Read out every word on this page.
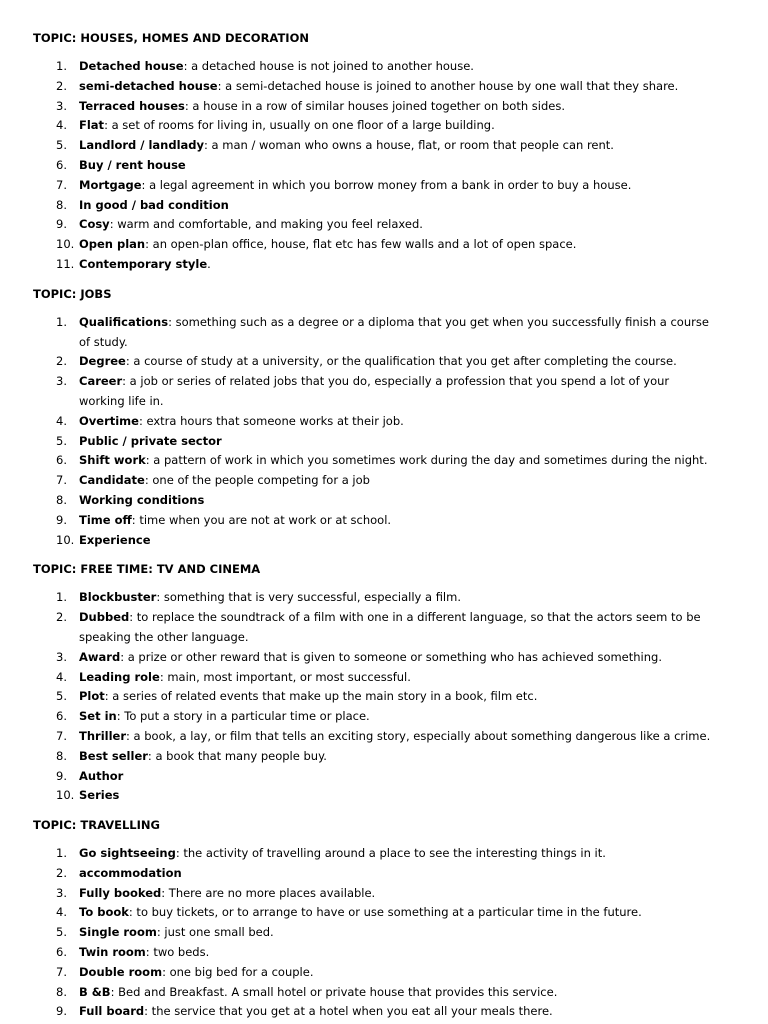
TOPIC: HOUSES, HOMES AND DECORATION

1. Detached house: a detached house is not joined to another house.
2. semi-detached house: a semi-detached house is joined to another house by one wall that they share.
3. Terraced houses: a house in a row of similar houses joined together on both sides.
4. Flat: a set of rooms for living in, usually on one floor of a large building.
5. Landlord / landlady: a man / woman who owns a house, flat, or room that people can rent.
6. Buy / rent house
7. Mortgage: a legal agreement in which you borrow money from a bank in order to buy a house.
8. In good / bad condition
9. Cosy: warm and comfortable, and making you feel relaxed.
10. Open plan: an open-plan office, house, flat etc has few walls and a lot of open space.
11. Contemporary style.

TOPIC: JOBS

1. Qualifications: something such as a degree or a diploma that you get when you successfully finish a course of study.
2. Degree: a course of study at a university, or the qualification that you get after completing the course.
3. Career: a job or series of related jobs that you do, especially a profession that you spend a lot of your working life in.
4. Overtime: extra hours that someone works at their job.
5. Public / private sector
6. Shift work: a pattern of work in which you sometimes work during the day and sometimes during the night.
7. Candidate: one of the people competing for a job
8. Working conditions
9. Time off: time when you are not at work or at school.
10. Experience

TOPIC: FREE TIME: TV AND CINEMA

1. Blockbuster: something that is very successful, especially a film.
2. Dubbed: to replace the soundtrack of a film with one in a different language, so that the actors seem to be speaking the other language.
3. Award: a prize or other reward that is given to someone or something who has achieved something.
4. Leading role: main, most important, or most successful.
5. Plot: a series of related events that make up the main story in a book, film etc.
6. Set in: To put a story in a particular time or place.
7. Thriller: a book, a lay, or film that tells an exciting story, especially about something dangerous like a crime.
8. Best seller: a book that many people buy.
9. Author
10. Series

TOPIC: TRAVELLING

1. Go sightseeing: the activity of travelling around a place to see the interesting things in it.
2. accommodation
3. Fully booked: There are no more places available.
4. To book: to buy tickets, or to arrange to have or use something at a particular time in the future.
5. Single room: just one small bed.
6. Twin room: two beds.
7. Double room: one big bed for a couple.
8. B &B: Bed and Breakfast. A small hotel or private house that provides this service.
9. Full board: the service that you get at a hotel when you eat all your meals there.
